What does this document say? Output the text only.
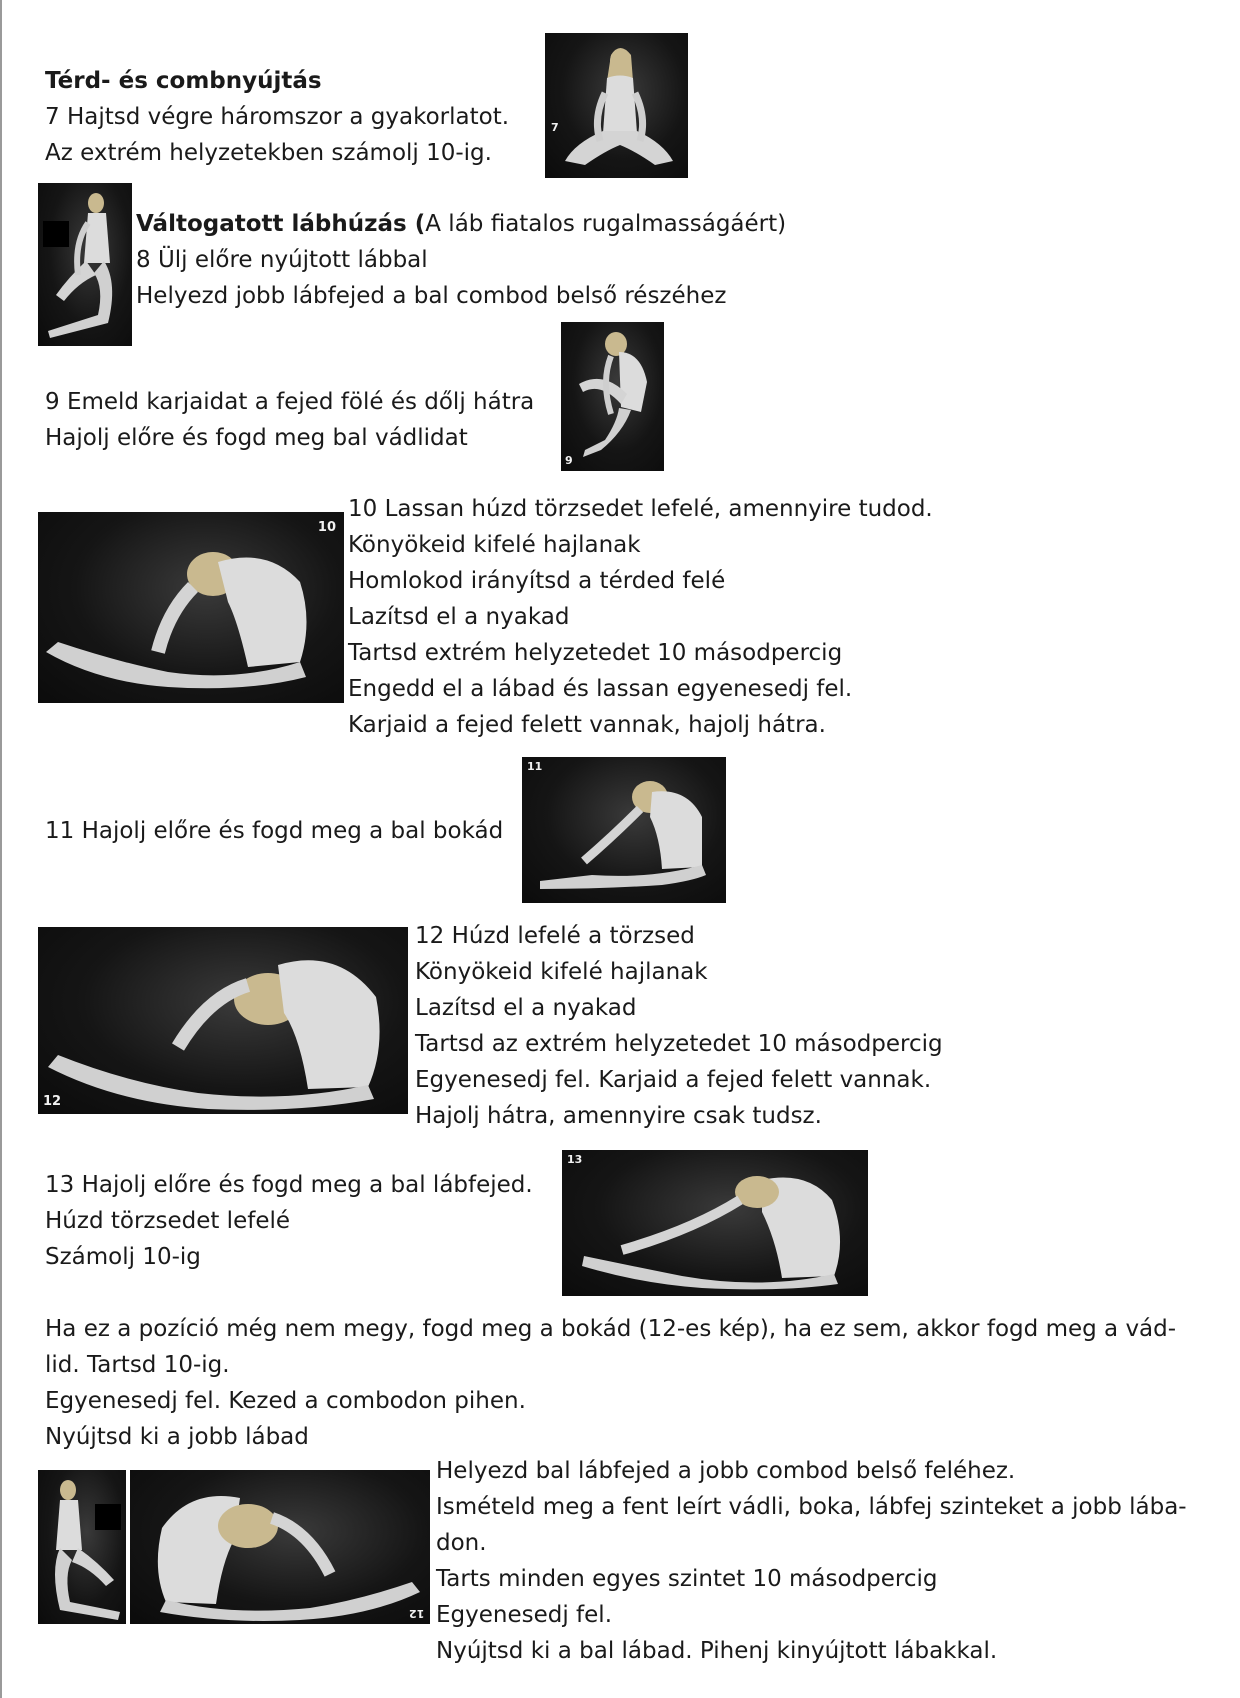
Térd- és combnyújtás
7 Hajtsd végre háromszor a gyakorlatot.
Az extrém helyzetekben számolj 10-ig.
7
Váltogatott lábhúzás (A láb fiatalos rugalmasságáért)
8 Ülj előre nyújtott lábbal
Helyezd jobb lábfejed a bal combod belső részéhez
9 Emeld karjaidat a fejed fölé és dőlj hátra
Hajolj előre és fogd meg bal vádlidat
9
10
10 Lassan húzd törzsedet lefelé, amennyire tudod.
Könyökeid kifelé hajlanak
Homlokod irányítsd a térded felé
Lazítsd el a nyakad
Tartsd extrém helyzetedet 10 másodpercig
Engedd el a lábad és lassan egyenesedj fel.
Karjaid a fejed felett vannak, hajolj hátra.
11 Hajolj előre és fogd meg a bal bokád
11
12
12 Húzd lefelé a törzsed
Könyökeid kifelé hajlanak
Lazítsd el a nyakad
Tartsd az extrém helyzetedet 10 másodpercig
Egyenesedj fel. Karjaid a fejed felett vannak.
Hajolj hátra, amennyire csak tudsz.
13 Hajolj előre és fogd meg a bal lábfejed.
Húzd törzsedet lefelé
Számolj 10-ig
13
Ha ez a pozíció még nem megy, fogd meg a bokád (12-es kép), ha ez sem, akkor fogd meg a vád-lid. Tartsd 10-ig.
Egyenesedj fel. Kezed a combodon pihen.
Nyújtsd ki a jobb lábad
12
Helyezd bal lábfejed a jobb combod belső feléhez.
Ismételd meg a fent leírt vádli, boka, lábfej szinteket a jobb lába-
don.
Tarts minden egyes szintet 10 másodpercig
Egyenesedj fel.
Nyújtsd ki a bal lábad. Pihenj kinyújtott lábakkal.
